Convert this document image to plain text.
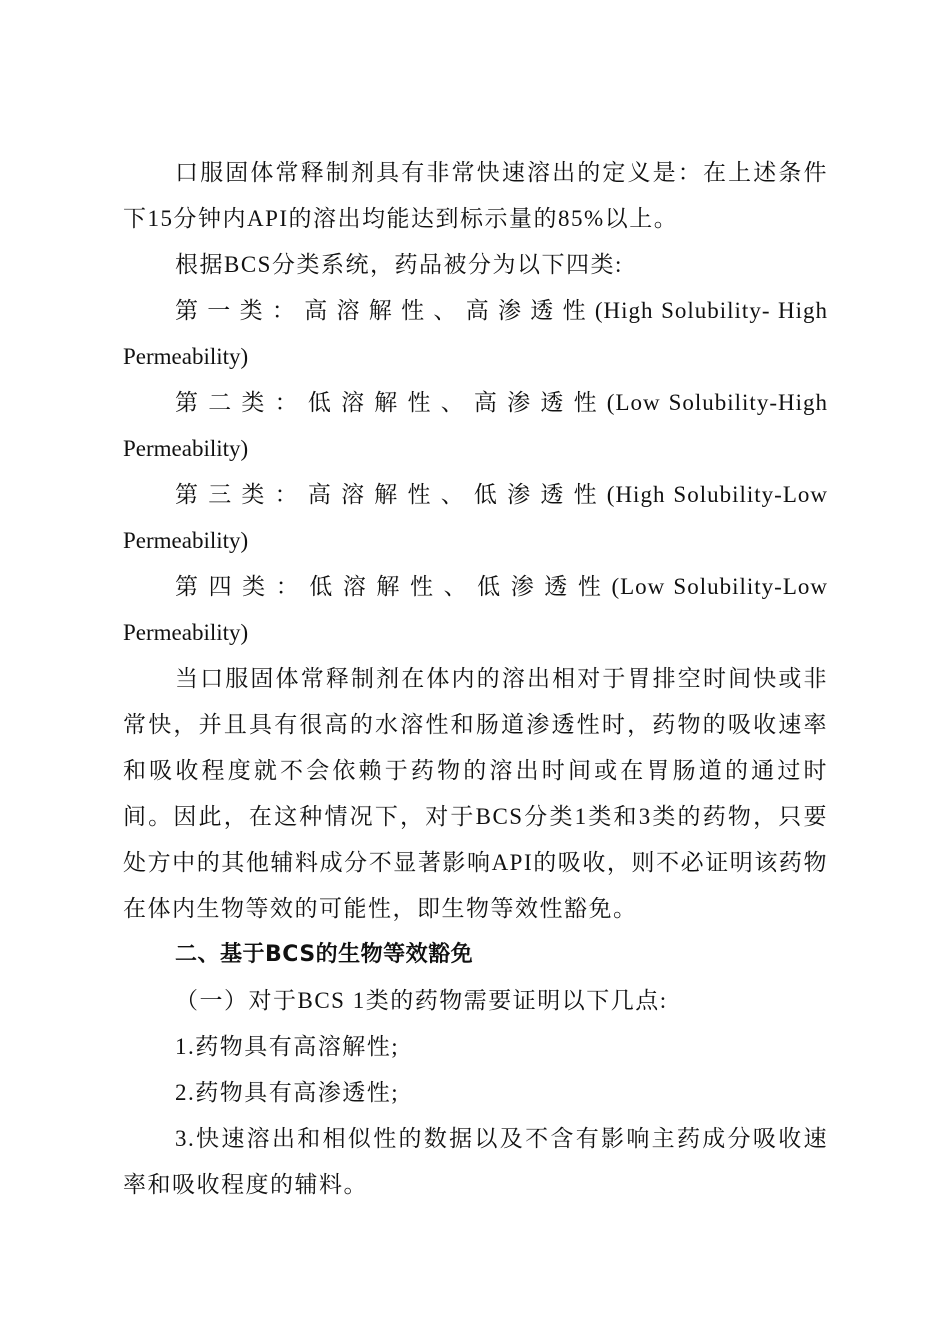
口服固体常释制剂具有非常快速溶出的定义是：在上述条件下15分钟内API的溶出均能达到标示量的85%以上。

根据BCS分类系统，药品被分为以下四类:

第 一 类 ： 高 溶 解 性 、 高 渗 透 性 (High Solubility- High
Permeability)

第 二 类 ： 低 溶 解 性 、 高 渗 透 性 (Low Solubility-High
Permeability)

第 三 类 ： 高 溶 解 性 、 低 渗 透 性 (High Solubility-Low
Permeability)

第 四 类 ： 低 溶 解 性 、 低 渗 透 性 (Low Solubility-Low
Permeability)

当口服固体常释制剂在体内的溶出相对于胃排空时间快或非常快，并且具有很高的水溶性和肠道渗透性时，药物的吸收速率和吸收程度就不会依赖于药物的溶出时间或在胃肠道的通过时间。因此，在这种情况下，对于BCS分类1类和3类的药物，只要处方中的其他辅料成分不显著影响API的吸收，则不必证明该药物在体内生物等效的可能性，即生物等效性豁免。

二、基于BCS的生物等效豁免

（一）对于BCS 1类的药物需要证明以下几点:

1.药物具有高溶解性;

2.药物具有高渗透性;

3.快速溶出和相似性的数据以及不含有影响主药成分吸收速率和吸收程度的辅料。
